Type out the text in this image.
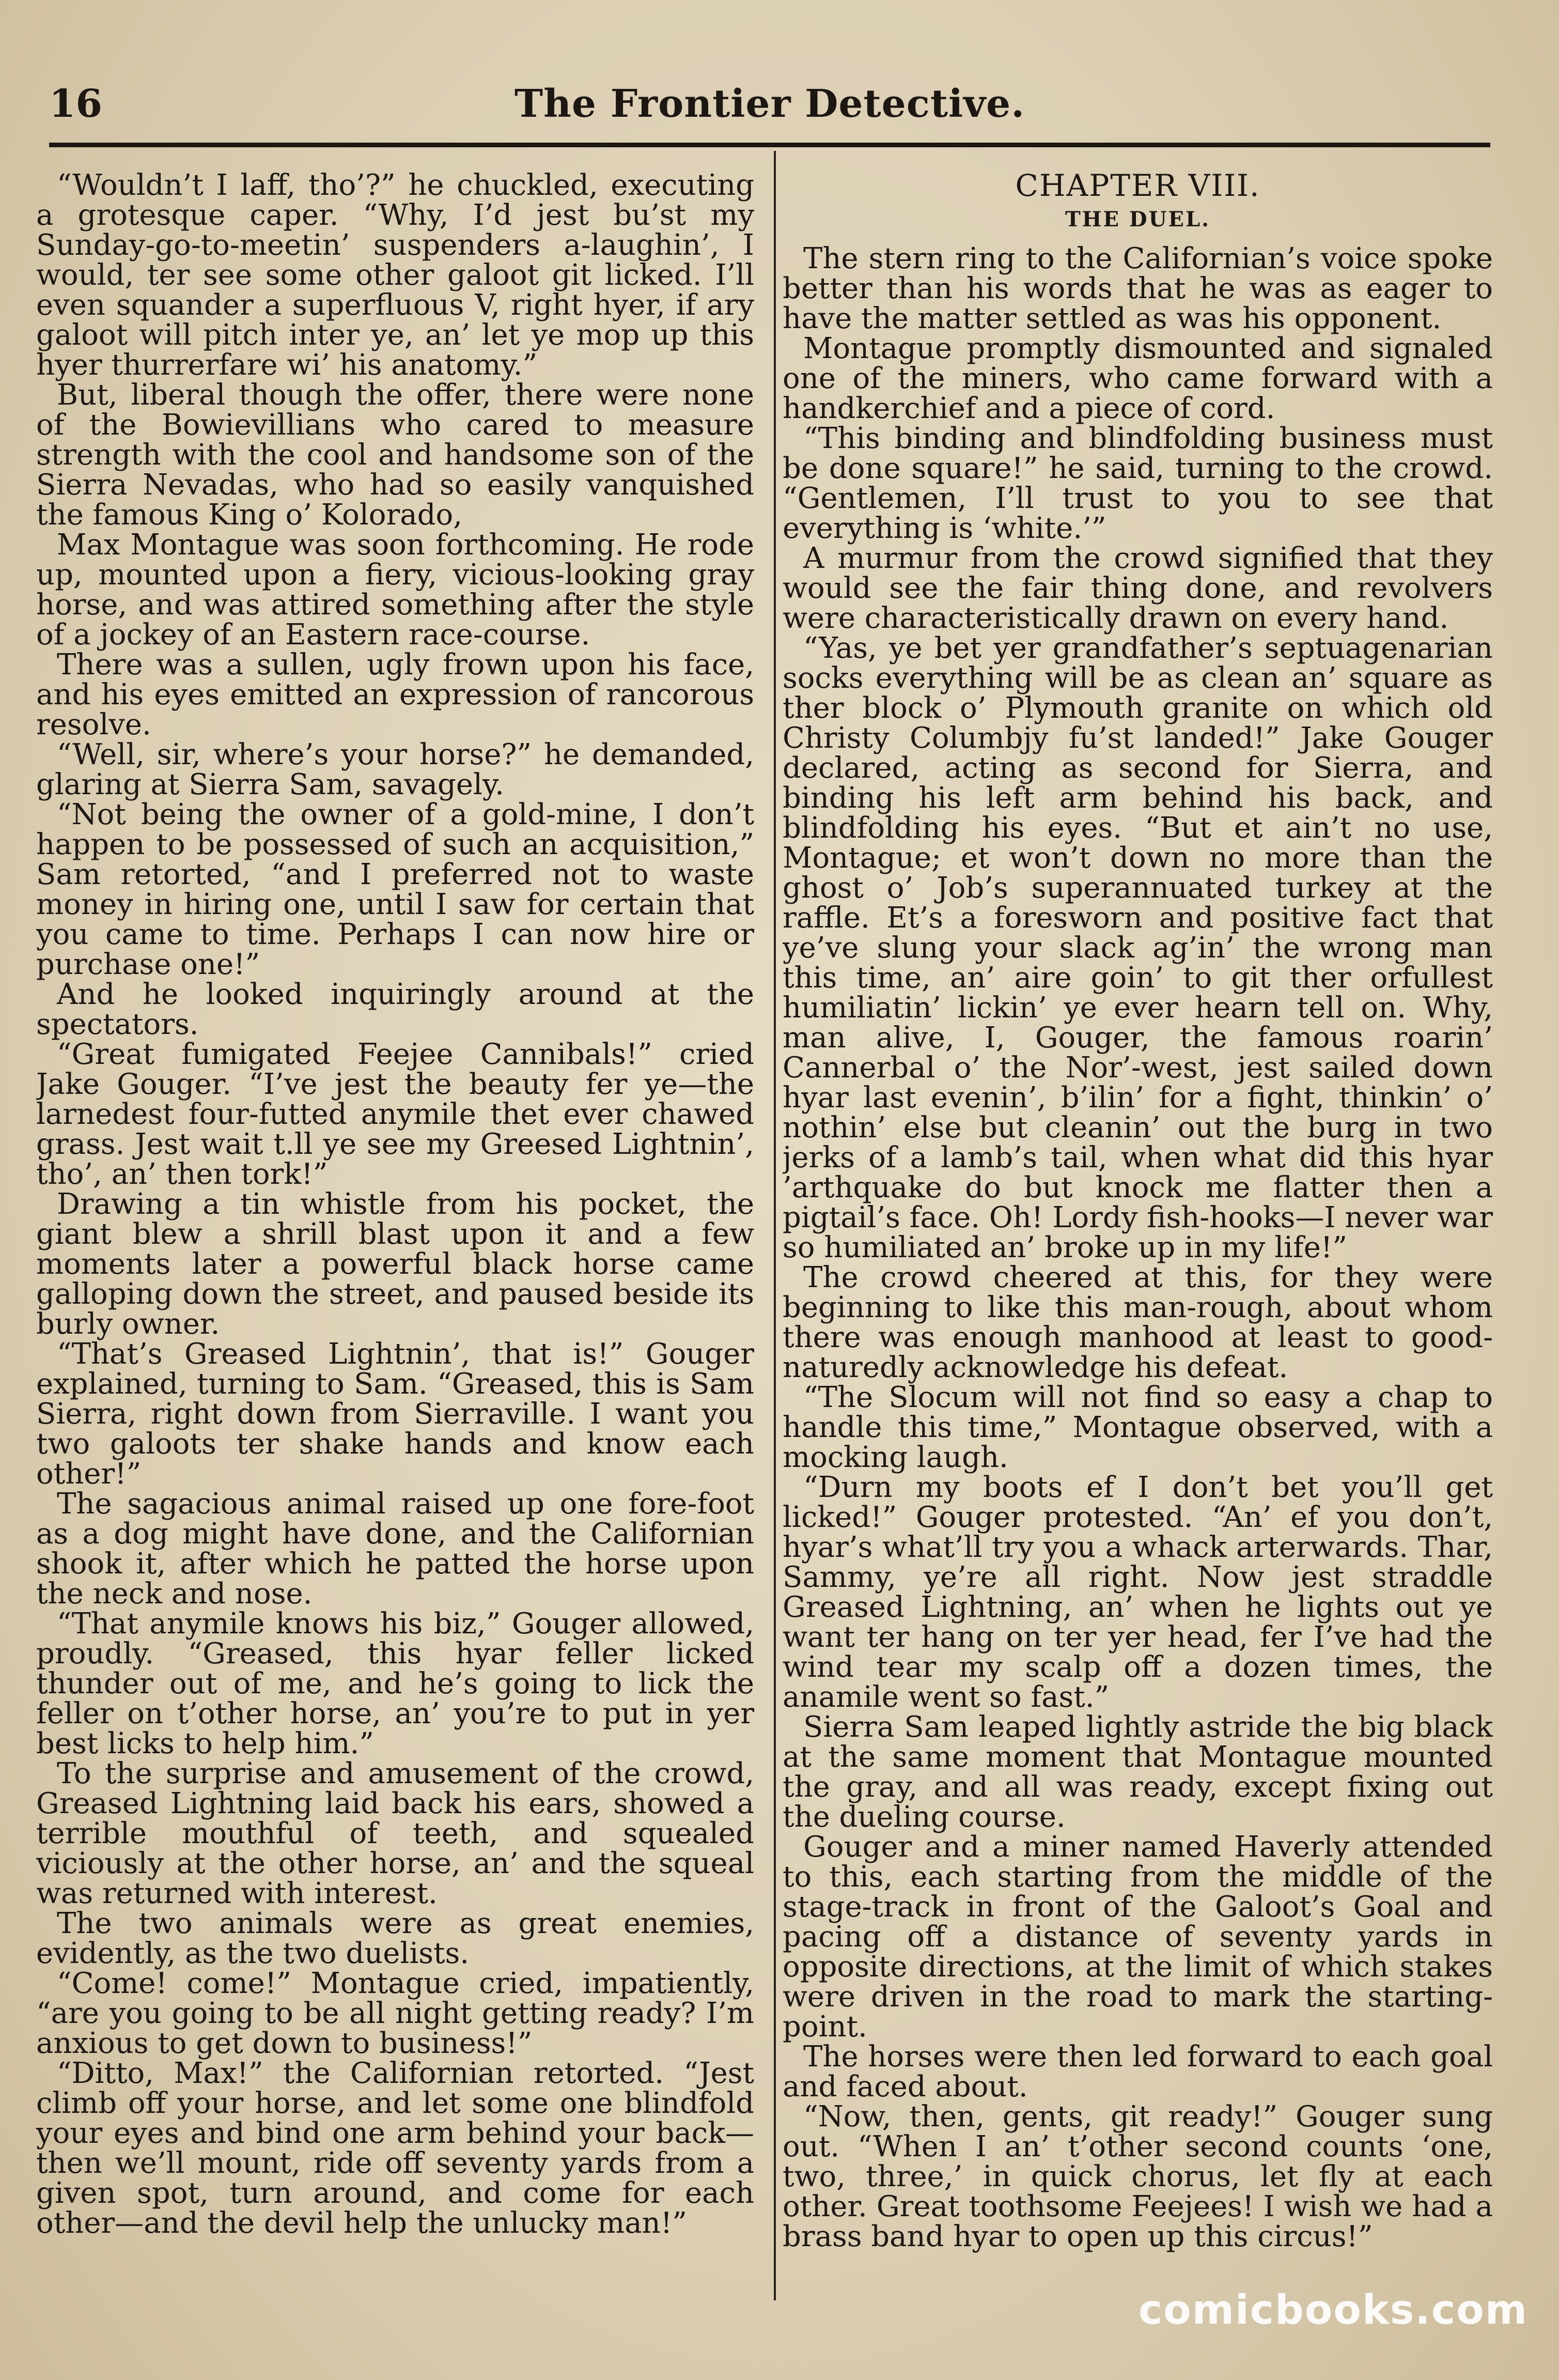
16	The Frontier Detective.

“Wouldn’t I laff, tho’?” he chuckled, executing a grotesque caper. “Why, I’d jest bu’st my Sunday-go-to-meetin’ suspenders a-laughin’, I would, ter see some other galoot git licked. I’ll even squander a superfluous V, right hyer, if ary galoot will pitch inter ye, an’ let ye mop up this hyer thurrerfare wi’ his anatomy.”

But, liberal though the offer, there were none of the Bowievillians who cared to measure strength with the cool and handsome son of the Sierra Nevadas, who had so easily vanquished the famous King o’ Kolorado,

Max Montague was soon forthcoming. He rode up, mounted upon a fiery, vicious-looking gray horse, and was attired something after the style of a jockey of an Eastern race-course.

There was a sullen, ugly frown upon his face, and his eyes emitted an expression of rancorous resolve.

“Well, sir, where’s your horse?” he demanded, glaring at Sierra Sam, savagely.

“Not being the owner of a gold-mine, I don’t happen to be possessed of such an acquisition,” Sam retorted, “and I preferred not to waste money in hiring one, until I saw for certain that you came to time. Perhaps I can now hire or purchase one!”

And he looked inquiringly around at the spectators.

“Great fumigated Feejee Cannibals!” cried Jake Gouger. “I’ve jest the beauty fer ye—the larnedest four-futted anymile thet ever chawed grass. Jest wait t.ll ye see my Greesed Lightnin’, tho’, an’ then tork!”

Drawing a tin whistle from his pocket, the giant blew a shrill blast upon it and a few moments later a powerful black horse came galloping down the street, and paused beside its burly owner.

“That’s Greased Lightnin’, that is!” Gouger explained, turning to Sam. “Greased, this is Sam Sierra, right down from Sierraville. I want you two galoots ter shake hands and know each other!”

The sagacious animal raised up one fore-foot as a dog might have done, and the Californian shook it, after which he patted the horse upon the neck and nose.

“That anymile knows his biz,” Gouger allowed, proudly. “Greased, this hyar feller licked thunder out of me, and he’s going to lick the feller on t’other horse, an’ you’re to put in yer best licks to help him.”

To the surprise and amusement of the crowd, Greased Lightning laid back his ears, showed a terrible mouthful of teeth, and squealed viciously at the other horse, an’ and the squeal was returned with interest.

The two animals were as great enemies, evidently, as the two duelists.

“Come! come!” Montague cried, impatiently, “are you going to be all night getting ready? I’m anxious to get down to business!”

“Ditto, Max!” the Californian retorted. “Jest climb off your horse, and let some one blindfold your eyes and bind one arm behind your back—then we’ll mount, ride off seventy yards from a given spot, turn around, and come for each other—and the devil help the unlucky man!”

CHAPTER VIII.
THE DUEL.

The stern ring to the Californian’s voice spoke better than his words that he was as eager to have the matter settled as was his opponent.

Montague promptly dismounted and signaled one of the miners, who came forward with a handkerchief and a piece of cord.

“This binding and blindfolding business must be done square!” he said, turning to the crowd. “Gentlemen, I’ll trust to you to see that everything is ‘white.’”

A murmur from the crowd signified that they would see the fair thing done, and revolvers were characteristically drawn on every hand.

“Yas, ye bet yer grandfather’s septuagenarian socks everything will be as clean an’ square as ther block o’ Plymouth granite on which old Christy Columbjy fu’st landed!” Jake Gouger declared, acting as second for Sierra, and binding his left arm behind his back, and blindfolding his eyes. “But et ain’t no use, Montague; et won’t down no more than the ghost o’ Job’s superannuated turkey at the raffle. Et’s a foresworn and positive fact that ye’ve slung your slack ag’in’ the wrong man this time, an’ aire goin’ to git ther orfullest humiliatin’ lickin’ ye ever hearn tell on. Why, man alive, I, Gouger, the famous roarin’ Cannerbal o’ the Nor’-west, jest sailed down hyar last evenin’, b’ilin’ for a fight, thinkin’ o’ nothin’ else but cleanin’ out the burg in two jerks of a lamb’s tail, when what did this hyar ’arthquake do but knock me flatter then a pigtail’s face. Oh! Lordy fish-hooks—I never war so humiliated an’ broke up in my life!”

The crowd cheered at this, for they were beginning to like this man-rough, about whom there was enough manhood at least to good-naturedly acknowledge his defeat.

“The Slocum will not find so easy a chap to handle this time,” Montague observed, with a mocking laugh.

“Durn my boots ef I don’t bet you’ll get licked!” Gouger protested. “An’ ef you don’t, hyar’s what’ll try you a whack arterwards. Thar, Sammy, ye’re all right. Now jest straddle Greased Lightning, an’ when he lights out ye want ter hang on ter yer head, fer I’ve had the wind tear my scalp off a dozen times, the anamile went so fast.”

Sierra Sam leaped lightly astride the big black at the same moment that Montague mounted the gray, and all was ready, except fixing out the dueling course.

Gouger and a miner named Haverly attended to this, each starting from the middle of the stage-track in front of the Galoot’s Goal and pacing off a distance of seventy yards in opposite directions, at the limit of which stakes were driven in the road to mark the starting-point.

The horses were then led forward to each goal and faced about.

“Now, then, gents, git ready!” Gouger sung out. “When I an’ t’other second counts ‘one, two, three,’ in quick chorus, let fly at each other. Great toothsome Feejees! I wish we had a brass band hyar to open up this circus!”

comicbooks.com
